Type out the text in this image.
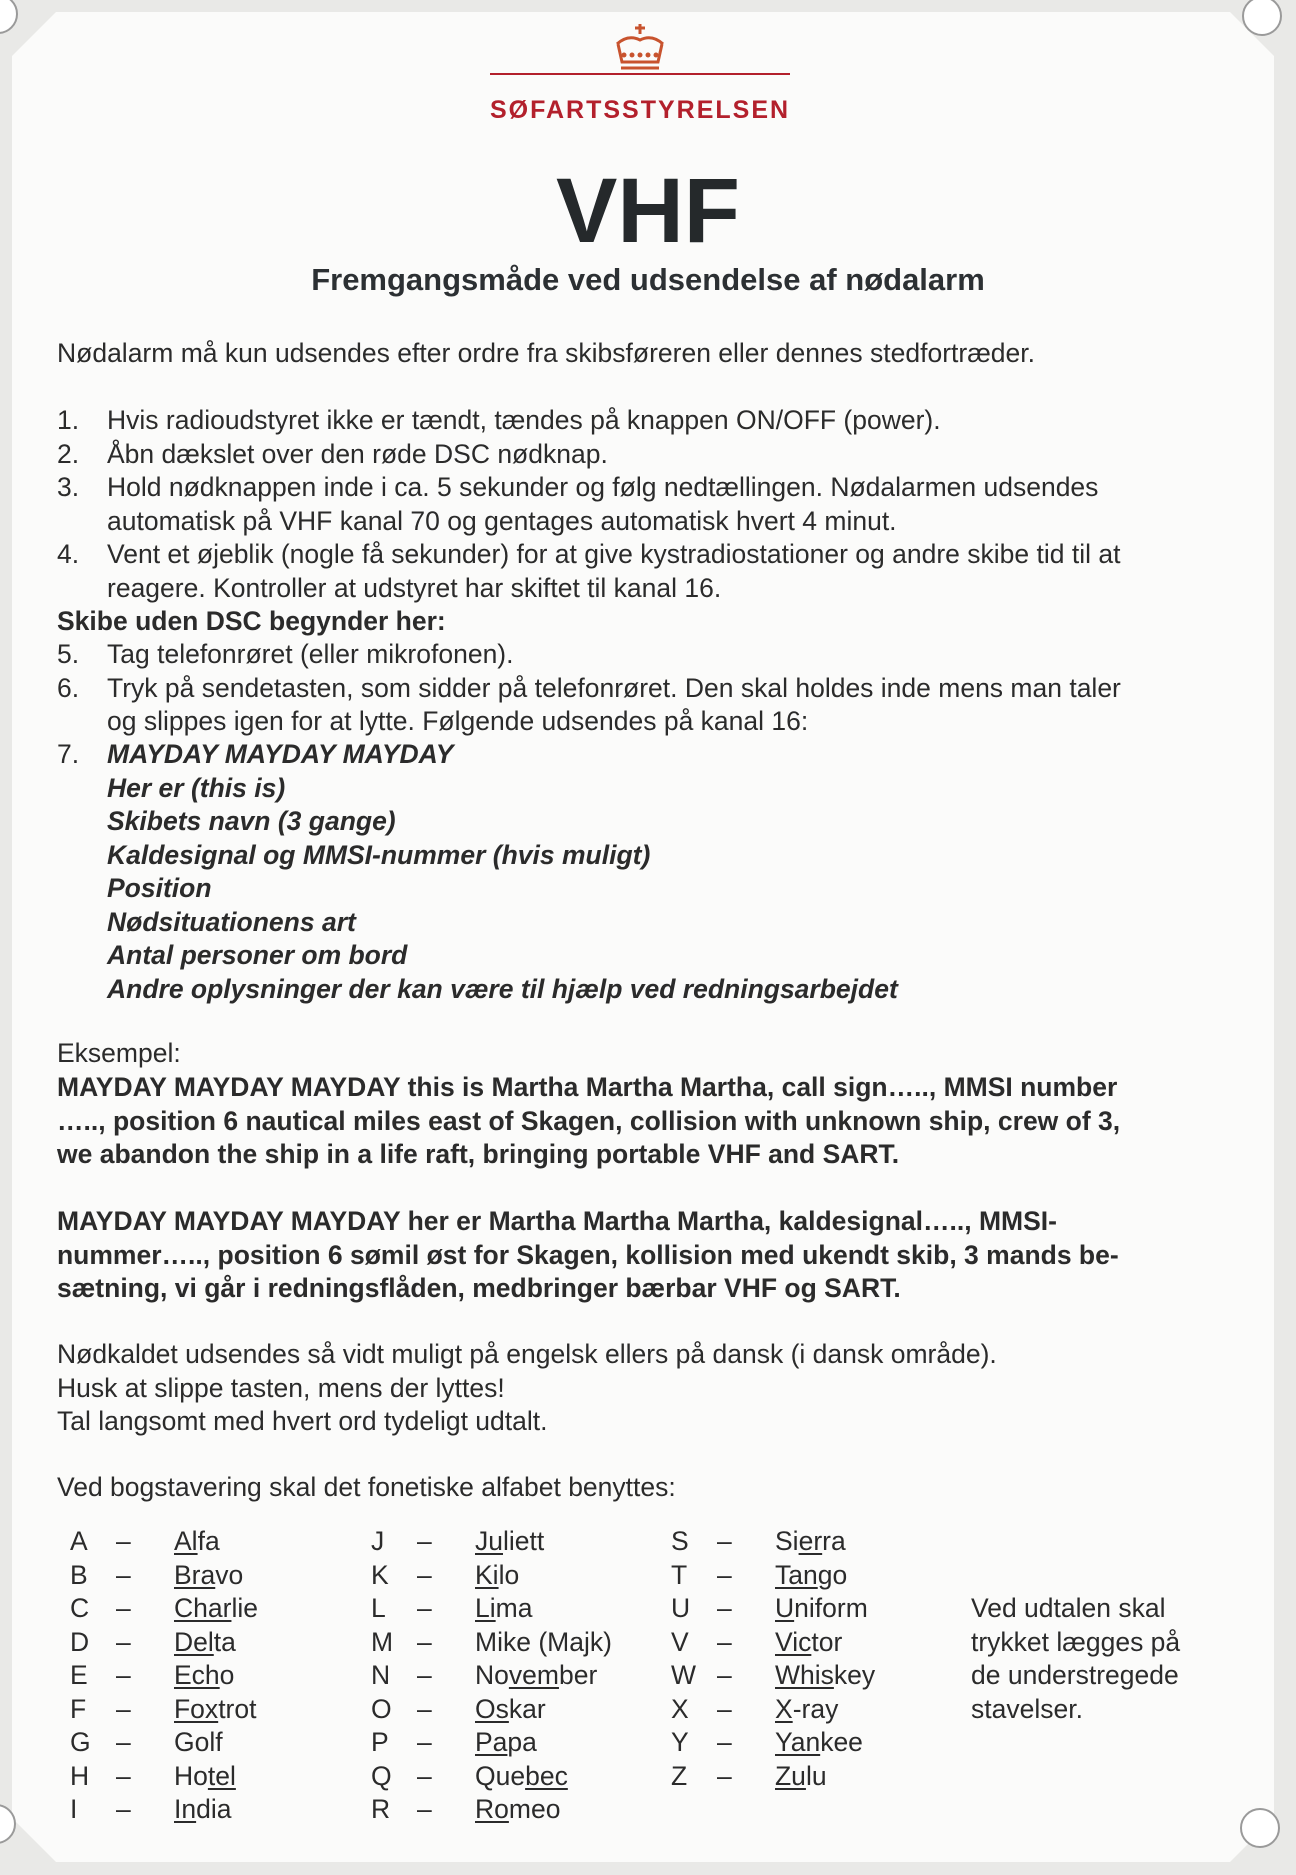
SØFARTSSTYRELSEN
VHF
Fremgangsmåde ved udsendelse af nødalarm
Nødalarm må kun udsendes efter ordre fra skibsføreren eller dennes stedfortræder.
1. Hvis radioudstyret ikke er tændt, tændes på knappen ON/OFF (power).
2. Åbn dækslet over den røde DSC nødknap.
3. Hold nødknappen inde i ca. 5 sekunder og følg nedtællingen. Nødalarmen udsendes
automatisk på VHF kanal 70 og gentages automatisk hvert 4 minut.
4. Vent et øjeblik (nogle få sekunder) for at give kystradiostationer og andre skibe tid til at
reagere. Kontroller at udstyret har skiftet til kanal 16.
Skibe uden DSC begynder her:
5. Tag telefonrøret (eller mikrofonen).
6. Tryk på sendetasten, som sidder på telefonrøret. Den skal holdes inde mens man taler
og slippes igen for at lytte. Følgende udsendes på kanal 16:
7. MAYDAY MAYDAY MAYDAY
Her er (this is)
Skibets navn (3 gange)
Kaldesignal og MMSI-nummer (hvis muligt)
Position
Nødsituationens art
Antal personer om bord
Andre oplysninger der kan være til hjælp ved redningsarbejdet
Eksempel:
MAYDAY MAYDAY MAYDAY this is Martha Martha Martha, call sign….., MMSI number
….., position 6 nautical miles east of Skagen, collision with unknown ship, crew of 3,
we abandon the ship in a life raft, bringing portable VHF and SART.
MAYDAY MAYDAY MAYDAY her er Martha Martha Martha, kaldesignal….., MMSI-
nummer….., position 6 sømil øst for Skagen, kollision med ukendt skib, 3 mands be-
sætning, vi går i redningsflåden, medbringer bærbar VHF og SART.
Nødkaldet udsendes så vidt muligt på engelsk ellers på dansk (i dansk område).
Husk at slippe tasten, mens der lyttes!
Tal langsomt med hvert ord tydeligt udtalt.
Ved bogstavering skal det fonetiske alfabet benyttes:
A – Alfa
B – Bravo
C – Charlie
D – Delta
E – Echo
F – Foxtrot
G – Golf
H – Hotel
I – India
J – Juliett
K – Kilo
L – Lima
M – Mike (Majk)
N – November
O – Oskar
P – Papa
Q – Quebec
R – Romeo
S – Sierra
T – Tango
U – Uniform
V – Victor
W – Whiskey
X – X-ray
Y – Yankee
Z – Zulu
Ved udtalen skal
trykket lægges på
de understregede
stavelser.
